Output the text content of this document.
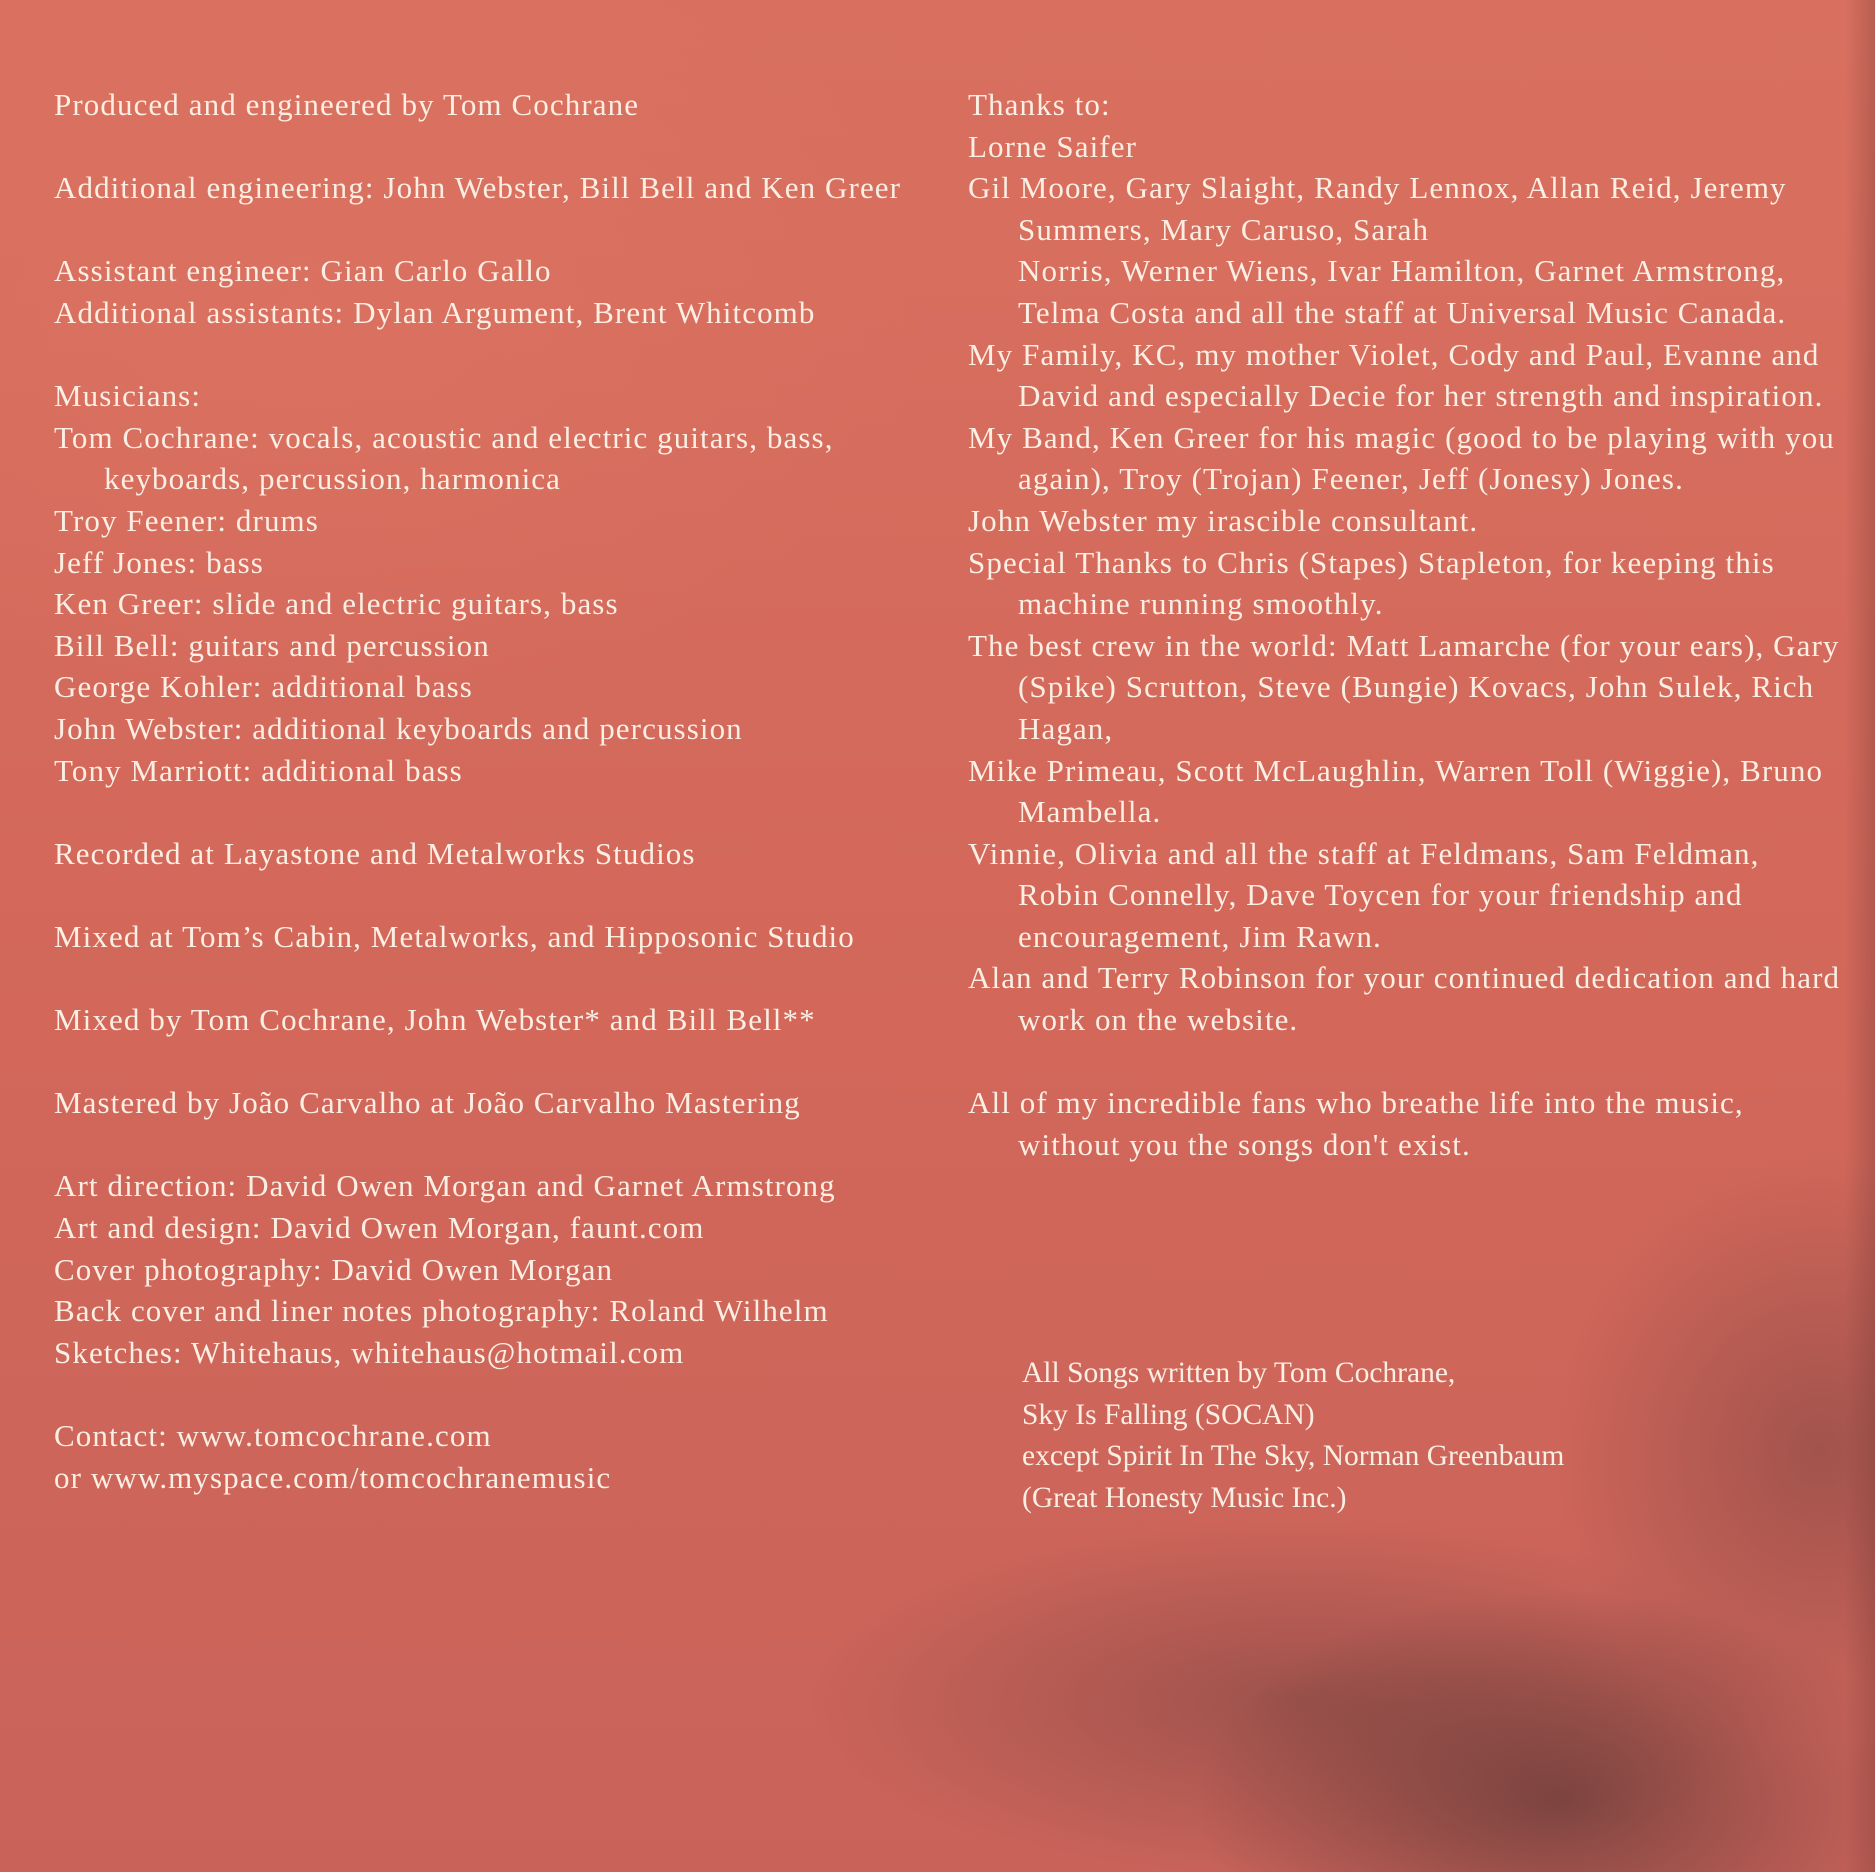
Produced and engineered by Tom Cochrane

Additional engineering: John Webster, Bill Bell and Ken Greer

Assistant engineer: Gian Carlo Gallo

Additional assistants: Dylan Argument, Brent Whitcomb

Musicians:

Tom Cochrane: vocals, acoustic and electric guitars, bass, keyboards, percussion, harmonica

Troy Feener: drums

Jeff Jones: bass

Ken Greer: slide and electric guitars, bass

Bill Bell: guitars and percussion

George Kohler: additional bass

John Webster: additional keyboards and percussion

Tony Marriott: additional bass

Recorded at Layastone and Metalworks Studios

Mixed at Tom’s Cabin, Metalworks, and Hipposonic Studio

Mixed by Tom Cochrane, John Webster* and Bill Bell**

Mastered by João Carvalho at João Carvalho Mastering

Art direction: David Owen Morgan and Garnet Armstrong

Art and design: David Owen Morgan, faunt.com

Cover photography: David Owen Morgan

Back cover and liner notes photography: Roland Wilhelm

Sketches: Whitehaus, whitehaus@hotmail.com

Contact: www.tomcochrane.com

or www.myspace.com/tomcochranemusic

Thanks to:

Lorne Saifer

Gil Moore, Gary Slaight, Randy Lennox, Allan Reid, Jeremy Summers, Mary Caruso, Sarah

Norris, Werner Wiens, Ivar Hamilton, Garnet Armstrong, Telma Costa and all the staff at Universal Music Canada.

My Family, KC, my mother Violet, Cody and Paul, Evanne and David and especially Decie for her strength and inspiration.

My Band, Ken Greer for his magic (good to be playing with you again), Troy (Trojan) Feener, Jeff (Jonesy) Jones.

John Webster my irascible consultant.

Special Thanks to Chris (Stapes) Stapleton, for keeping this machine running smoothly.

The best crew in the world: Matt Lamarche (for your ears), Gary (Spike) Scrutton, Steve (Bungie) Kovacs, John Sulek, Rich Hagan,

Mike Primeau, Scott McLaughlin, Warren Toll (Wiggie), Bruno Mambella.

Vinnie, Olivia and all the staff at Feldmans, Sam Feldman, Robin Connelly, Dave Toycen for your friendship and encouragement, Jim Rawn.

Alan and Terry Robinson for your continued dedication and hard work on the website.

All of my incredible fans who breathe life into the music, without you the songs don't exist.

All Songs written by Tom Cochrane,
Sky Is Falling (SOCAN)
except Spirit In The Sky, Norman Greenbaum
(Great Honesty Music Inc.)
